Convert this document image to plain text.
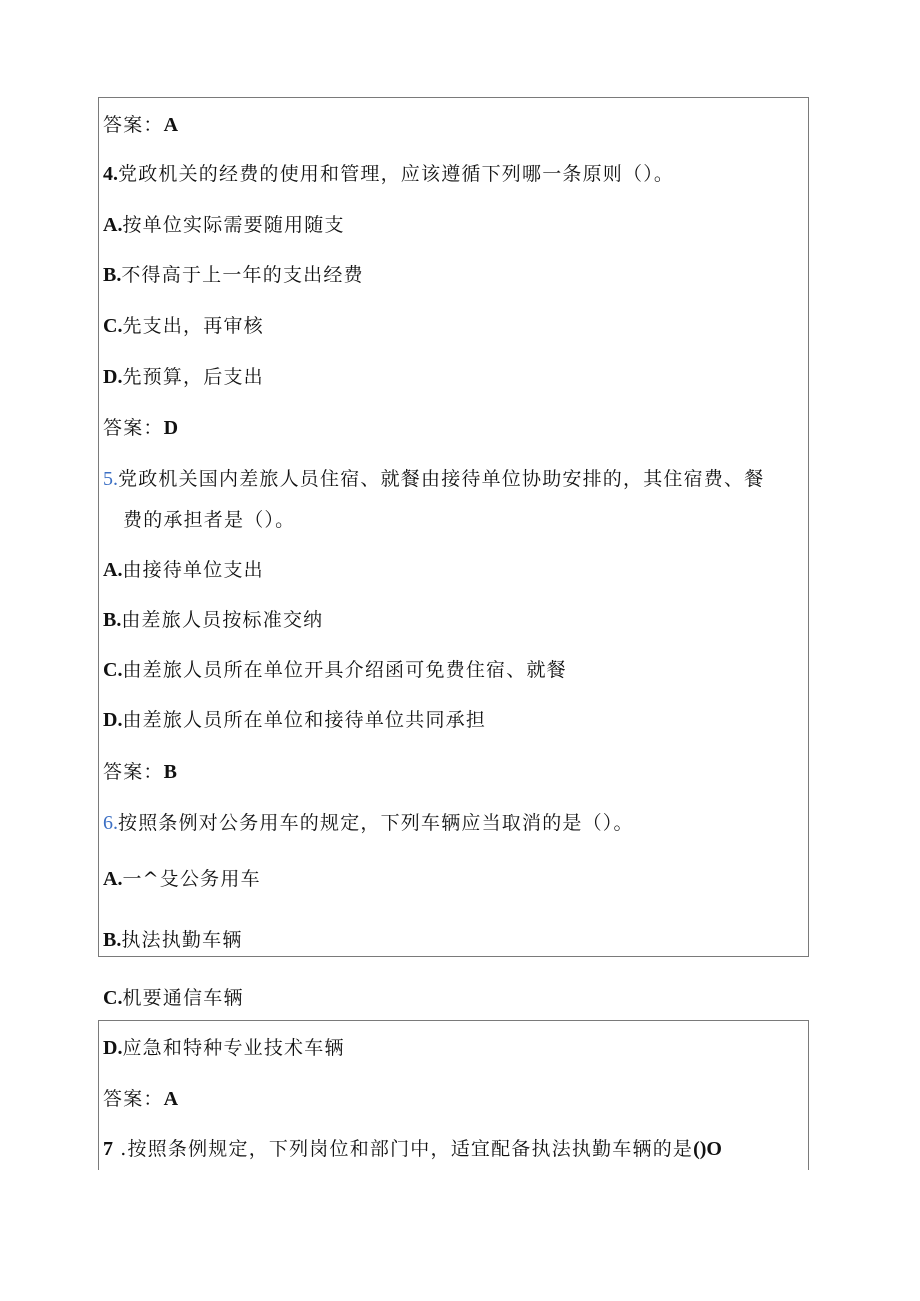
答案：A
4.党政机关的经费的使用和管理，应该遵循下列哪一条原则（）。
A.按单位实际需要随用随支
B.不得高于上一年的支出经费
C.先支出，再审核
D.先预算，后支出
答案：D
5.党政机关国内差旅人员住宿、就餐由接待单位协助安排的，其住宿费、餐
费的承担者是（）。
A.由接待单位支出
B.由差旅人员按标准交纳
C.由差旅人员所在单位开具介绍函可免费住宿、就餐
D.由差旅人员所在单位和接待单位共同承担
答案：B
6.按照条例对公务用车的规定，下列车辆应当取消的是（）。
A.一^殳公务用车
B.执法执勤车辆
C.机要通信车辆
D.应急和特种专业技术车辆
答案：A
7 .按照条例规定，下列岗位和部门中，适宜配备执法执勤车辆的是()O
